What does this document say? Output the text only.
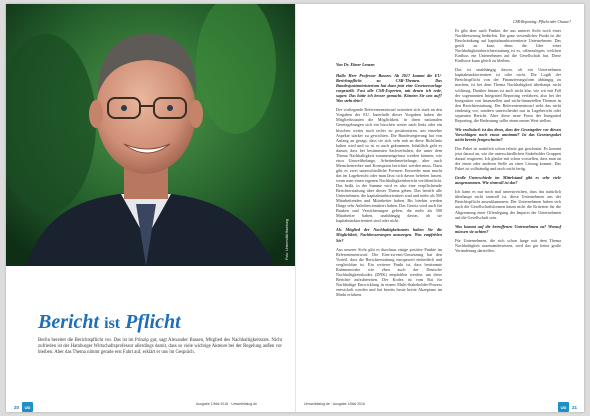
Foto: Universität Hamburg
Bericht ist Pflicht
Berlin bereitet die Berichtspflicht vor. Das ist im Prinzip gut, sagt Alexander Bassen, Mitglied des Nachhaltigkeitsrats. Nicht zufrieden ist der Hamburger Wirtschaftsprofessor allerdings damit, dass so viele wichtige Akteure bei der Regelung außen vor bleiben. Aber das Thema nimmt gerade erst Fahrt auf, erklärt er uns im Gespräch.
20	UD
Ausgabe 1/Mai 2016 · Umweltdialog.de
CSR-Reporting: Pflicht oder Chance?

Von Dr. Elmer Lenzen

Hallo Herr Professor Bassen. Ab 2017 kommt die EU-Berichtspflicht zu CSR-Themen. Das Bundesjustizministerium hat dazu jetzt eine Gesetzesvorlage vorgestellt. Fast alle CSR-Experten, mit denen ich rede, sagen: Das hätte ich besser gemacht. Können Sie uns auf? Was steht drin?

Der vorliegende Referentenentwurf orientiert sich stark an den Vorgaben der EU. Innerhalb dieser Vorgaben haben die Mitgliedsstaaten die Möglichkeit, in ihren nationalen Gesetzgebungen sich ein bisschen weiter nach links oder ein bisschen weiter nach rechts zu positionieren, um einzelne Aspekte stärker zu gewichten. Die Bundesregierung hat von Anfang an gesagt, dass sie sich sehr nah an diese Richtlinie halten wird und so ist es auch gekommen. Inhaltlich geht es darum, dass bei bestimmten Sachverhalten, die unter dem Thema Nachhaltigkeit zusammengefasst werden können, wie etwa Umweltbelange, Arbeitnehmerbelange, aber auch Menschenrechte und Korruption berichtet werden muss. Dazu gibt es zwei unterschiedliche Formen: Entweder man macht das im Lagebericht oder man lässt sich davon befreien lassen, wenn man einen eigenen Nachhaltigkeitsbericht veröffentlicht. Das heißt, in der Summe wird es also eine verpflichtende Berichterstattung über dieses Thema geben. Das betrifft alle Unternehmen, die kapitalmarktorientiert sind und mehr als 500 Mitarbeitenden und Mitarbeiter haben. Bis hierhin werden Dinge sehr Anleihen emittiert haben. Das Gesetz wird auch für Banken und Versicherungen gelten, die mehr als 500 Mitarbeiter haben, unabhängig davon, ob sie kapitalmarktorientiert sind oder nicht.

Als Mitglied der Nachhaltigkeitsrates haben Sie die Möglichkeit, Nachbesserungen anzuregen. Was empfehlen Sie?

Aus unserer Sicht gibt es durchaus einige positive Punkte im Referentenentwurf. Die Eins-zu-eins-Umsetzung hat den Vorteil, dass die Berichterstattung europaweit einheitlich und vergleichbar ist. Ein weiterer Punkt ist, dass bestimmte Rahmenwerke wie eben auch der Deutsche Nachhaltigkeitskodex (DNK) empfohlen werden, um diese Berichte aufzubereiten. Der Kodex ist vom Rat für Nachhaltige Entwicklung in einem Multi-Stakeholder-Prozess entwickelt worden und hat bereits heute breite Akzeptanz im Markt erfahren.

Es gibt aber auch Punkte, die aus unserer Sicht noch einer Nachbesserung bedürfen. Ein ganz wesentlicher Punkt ist die Beschränkung auf kapitalmarktorientierte Unternehmen. Das greift zu kurz, denn die Idee einer Nachhaltigkeitsberichterstattung ist es, offenzulegen, welchen Einfluss ein Unternehmen auf die Gesellschaft hat. Diese Einflusse kann gleich zu bleiben.

Das ist unabhängig davon, ob ein Unternehmen kapitalmarktorientiert ist oder nicht. Die Logik der Berichtspflicht von der Finanzierungsform abhängig zu machen, ist bei dem Thema Nachhaltigkeit überhaupt nicht schlüssig. Darüber hinaus ist auch nicht klar, wie wir mit Fall der sogenannten Integrated Reporting verfahren, also bei der Integration von finanziellen und nicht-finanziellen Themen in den Berichterstattung. Der Referentenentwurf sieht das nicht eindeutig vor, sondern unterscheidet nur in Lagebericht oder separaten Bericht. Aber diese neue Form der Integrated Reporting, die Bedeutung sollte einen neuen Wert stellen.

Wie realistisch ist das denn, dass der Gesetzgeber vor diesen Vorschlägen noch etwas annimmt? Ist das Gesetzespaket nicht bereits festgeschnürt?

Das Paket ist natürlich schon relativ gut geschnürt. Es kommt jetzt darauf an, wie die unterschiedlichen Stakeholder Gruppen darauf reagieren. Ich glaube mit schon vorstellen, dass man an der einen oder anderen Stelle zu einer Lösung kommt. Das Paket ist vollständig und noch nicht fertig.

Große Unterschiede im Mittelstand gibt es sehr viele ausgenommen. Wie sinnvoll ist das?

Ich kann es nur noch mal unterstreichen, dass das natürlich überhaupt nicht sinnvoll ist, diese Unternehmen aus der Berichtspflicht auszuklammern. Der Unternehmen haben sich auch die Gesellschaftsformen kaum nicht die Kriterien für die Abgrenzung einer Offenlegung der Impacts der Unternehmen auf die Gesellschaft sein.

Was kommt auf die betroffenen Unternehmen zu? Worauf müssen sie achten?

Für Unternehmen, die sich schon lange mit dem Thema Nachhaltigkeit auseinandersetzen, wird das gar keine große Veränderung darstellen.

Umweltdialog.de · Ausgabe 1/Mai 2016
UD	21
